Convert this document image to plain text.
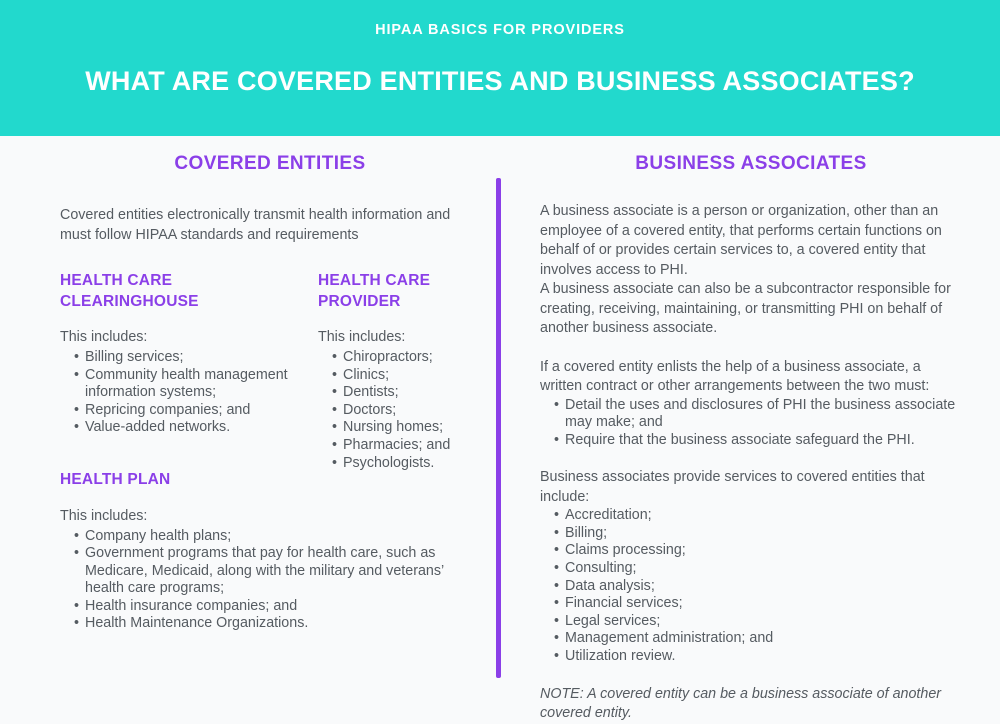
HIPAA BASICS FOR PROVIDERS
WHAT ARE COVERED ENTITIES AND BUSINESS ASSOCIATES?
COVERED ENTITIES

Covered entities electronically transmit health information and must follow HIPAA standards and requirements

HEALTH CARE
CLEARINGHOUSE

This includes:

• Billing services;
• Community health management information systems;
• Repricing companies; and
• Value-added networks.
HEALTH CARE
PROVIDER

This includes:

• Chiropractors;
• Clinics;
• Dentists;
• Doctors;
• Nursing homes;
• Pharmacies; and
• Psychologists.
HEALTH PLAN

This includes:

• Company health plans;
• Government programs that pay for health care, such as Medicare, Medicaid, along with the military and veterans’ health care programs;
• Health insurance companies; and
• Health Maintenance Organizations.
BUSINESS ASSOCIATES

A business associate is a person or organization, other than an employee of a covered entity, that performs certain functions on behalf of or provides certain services to, a covered entity that involves access to PHI.

A business associate can also be a subcontractor responsible for creating, receiving, maintaining, or transmitting PHI on behalf of another business associate.

If a covered entity enlists the help of a business associate, a written contract or other arrangements between the two must:

• Detail the uses and disclosures of PHI the business associate may make; and
• Require that the business associate safeguard the PHI.

Business associates provide services to covered entities that include:

• Accreditation;
• Billing;
• Claims processing;
• Consulting;
• Data analysis;
• Financial services;
• Legal services;
• Management administration; and
• Utilization review.

NOTE: A covered entity can be a business associate of another covered entity.
